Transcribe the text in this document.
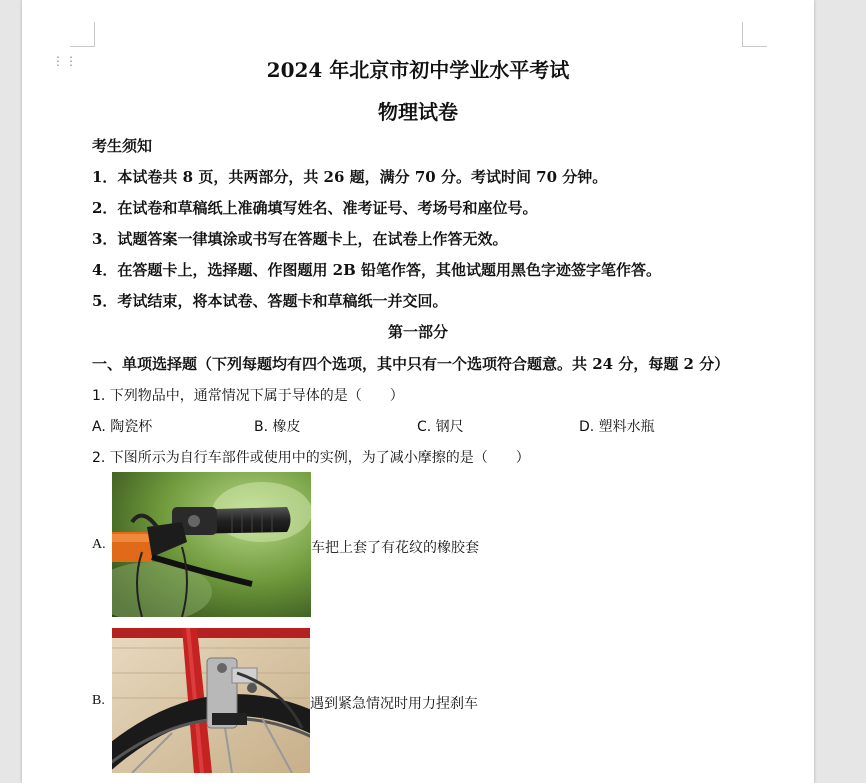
⋮⋮	2024 年北京市初中学业水平考试
物理试卷
考生须知
1．本试卷共 8 页，共两部分，共 26 题，满分 70 分。考试时间 70 分钟。
2．在试卷和草稿纸上准确填写姓名、准考证号、考场号和座位号。
3．试题答案一律填涂或书写在答题卡上，在试卷上作答无效。
4．在答题卡上，选择题、作图题用 2B 铅笔作答，其他试题用黑色字迹签字笔作答。
5．考试结束，将本试卷、答题卡和草稿纸一并交回。
第一部分
一、单项选择题（下列每题均有四个选项，其中只有一个选项符合题意。共 24 分，每题 2 分）
1. 下列物品中，通常情况下属于导体的是（　　）
A. 陶瓷杯	B. 橡皮	C. 钢尺	D. 塑料水瓶
2. 下图所示为自行车部件或使用中的实例，为了减小摩擦的是（　　）
A.	车把上套了有花纹的橡胶套
B.	遇到紧急情况时用力捏刹车
